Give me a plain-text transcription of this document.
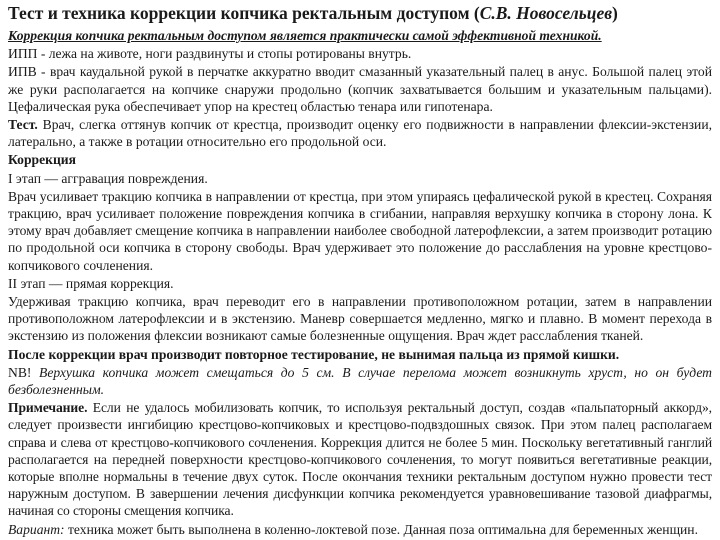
Тест и техника коррекции копчика ректальным доступом (С.В. Новосельцев)
Коррекция копчика ректальным доступом является практически самой эффективной техникой.
ИПП - лежа на животе, ноги раздвинуты и стопы ротированы внутрь.
ИПВ - врач каудальной рукой в перчатке аккуратно вводит смазанный указательный палец в анус. Большой палец этой же руки располагается на копчике снаружи продольно (копчик захватывается большим и указательным пальцами). Цефалическая рука обеспечивает упор на крестец областью тенара или гипотенара.
Тест. Врач, слегка оттянув копчик от крестца, производит оценку его подвижности в направлении флексии-экстензии, латерально, а также в ротации относительно его продольной оси.
Коррекция
I этап — аггравация повреждения.
Врач усиливает тракцию копчика в направлении от крестца, при этом упираясь цефалической рукой в крестец. Сохраняя тракцию, врач усиливает положение повреждения копчика в сгибании, направляя верхушку копчика в сторону лона. К этому врач добавляет смещение копчика в направлении наиболее свободной латерофлексии, а затем производит ротацию по продольной оси копчика в сторону свободы. Врач удерживает это положение до расслабления на уровне крестцово-копчикового сочленения.
II этап — прямая коррекция.
Удерживая тракцию копчика, врач переводит его в направлении противоположном ротации, затем в направлении противоположном латерофлексии и в экстензию. Маневр совершается медленно, мягко и плавно. В момент перехода в экстензию из положения флексии возникают самые болезненные ощущения. Врач ждет расслабления тканей.
После коррекции врач производит повторное тестирование, не вынимая пальца из прямой кишки.
NB! Верхушка копчика может смещаться до 5 см. В случае перелома может возникнуть хруст, но он будет безболезненным.
Примечание. Если не удалось мобилизовать копчик, то используя ректальный доступ, создав «пальпаторный аккорд», следует произвести ингибицию крестцово-копчиковых и крестцово-подвздошных связок. При этом палец располагаем справа и слева от крестцово-копчикового сочленения. Коррекция длится не более 5 мин. Поскольку вегетативный ганглий располагается на передней поверхности крестцово-копчикового сочленения, то могут появиться вегетативные реакции, которые вполне нормальны в течение двух суток. После окончания техники ректальным доступом нужно провести тест наружным доступом. В завершении лечения дисфункции копчика рекомендуется уравновешивание тазовой диафрагмы, начиная со стороны смещения копчика.
Вариант: техника может быть выполнена в коленно-локтевой позе. Данная поза оптимальна для беременных женщин.
